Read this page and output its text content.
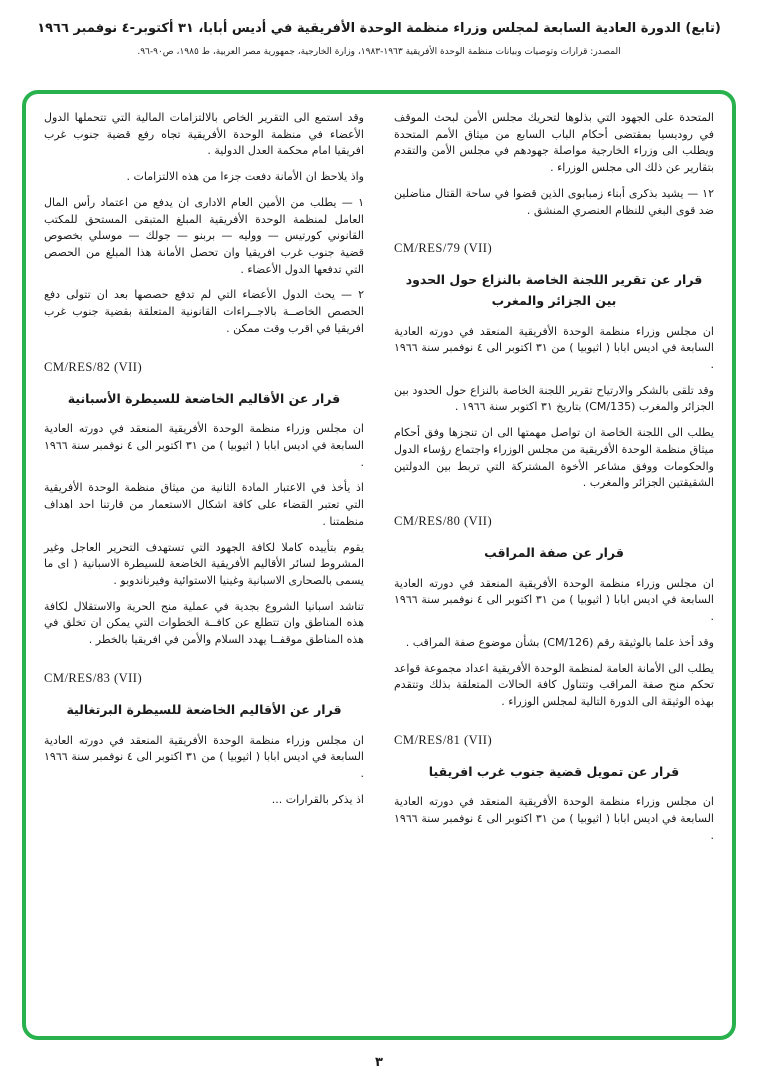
(تابع) الدورة العادية السابعة لمجلس وزراء منظمة الوحدة الأفريقية في أديس أبابا، ٣١ أكتوبر-٤ نوفمبر ١٩٦٦
المصدر: قرارات وتوصيات وبيانات منظمة الوحدة الأفريقية ١٩٦٣-١٩٨٣، وزارة الخارجية، جمهورية مصر العربية، ط ١٩٨٥، ص٩٠-٩٦.
المتحدة على الجهود التي بذلوها لتحريك مجلس الأمن لبحث الموقف في روديسيا بمقتضى أحكام الباب السابع من ميثاق الأمم المتحدة ويطلب الى وزراء الخارجية مواصلة جهودهم في مجلس الأمن والتقدم بتقارير عن ذلك الى مجلس الوزراء .
١٢ — يشيد بذكرى أبناء زمبابوى الذين قضوا في ساحة القتال مناضلين ضد قوى البغي للنظام العنصري المنشق .
CM/RES/79 (VII)
قرار عن تقرير اللجنة الخاصة بالنزاع حول الحدود بين الجزائر والمغرب
ان مجلس وزراء منظمة الوحدة الأفريقية المنعقد في دورته العادية السابعة في اديس ابابا ( اثيوبيا ) من ٣١ اكتوبر الى ٤ نوفمبر سنة ١٩٦٦ .
وقد تلقى بالشكر والارتياح تقرير اللجنة الخاصة بالنزاع حول الحدود بين الجزائر والمغرب (CM/135) بتاريخ ٣١ اكتوبر سنة ١٩٦٦ .
يطلب الى اللجنة الخاصة ان تواصل مهمتها الى ان تنجزها وفق أحكام ميثاق منظمة الوحدة الأفريقية من مجلس الوزراء واجتماع رؤساء الدول والحكومات ووفق مشاعر الأخوة المشتركة التي تربط بين الدولتين الشقيقتين الجزائر والمغرب .
CM/RES/80 (VII)
قرار عن صفة المراقب
ان مجلس وزراء منظمة الوحدة الأفريقية المنعقد في دورته العادية السابعة في اديس ابابا ( اثيوبيا ) من ٣١ اكتوبر الى ٤ نوفمبر سنة ١٩٦٦ .
وقد أخذ علما بالوثيقة رقم (CM/126) بشأن موضوع صفة المراقب .
يطلب الى الأمانة العامة لمنظمة الوحدة الأفريقية اعداد مجموعة قواعد تحكم منح صفة المراقب وتتناول كافة الحالات المتعلقة بذلك وتتقدم بهذه الوثيقة الى الدورة التالية لمجلس الوزراء .
CM/RES/81 (VII)
قرار عن تمويل قضية جنوب غرب افريقيا
ان مجلس وزراء منظمة الوحدة الأفريقية المنعقد في دورته العادية السابعة في اديس ابابا ( اثيوبيا ) من ٣١ اكتوبر الى ٤ نوفمبر سنة ١٩٦٦ .
وقد استمع الى التقرير الخاص بالالتزامات المالية التي تتحملها الدول الأعضاء في منظمة الوحدة الأفريقية تجاه رفع قضية جنوب غرب افريقيا امام محكمة العدل الدولية .
واذ يلاحظ ان الأمانة دفعت جزءا من هذه الالتزامات .
١ — يطلب من الأمين العام الادارى ان يدفع من اعتماد رأس المال العامل لمنظمة الوحدة الأفريقية المبلغ المتبقى المستحق للمكتب القانوني كورتيس — ووليه — بربنو — جولك — موسلي بخصوص قضية جنوب غرب افريقيا وان تحصل الأمانة هذا المبلغ من الحصص التي تدفعها الدول الأعضاء .
٢ — يحث الدول الأعضاء التي لم تدفع حصصها بعد ان تتولى دفع الحصص الخاصــة بالاجــراءات القانونية المتعلقة بقضية جنوب غرب افريقيا في اقرب وقت ممكن .
CM/RES/82 (VII)
قرار عن الأقاليم الخاضعة للسيطرة الأسبانية
ان مجلس وزراء منظمة الوحدة الأفريقية المنعقد في دورته العادية السابعة في اديس ابابا ( اثيوبيا ) من ٣١ اكتوبر الى ٤ نوفمبر سنة ١٩٦٦ .
اذ يأخذ في الاعتبار المادة الثانية من ميثاق منظمة الوحدة الأفريقية التي تعتبر القضاء على كافة اشكال الاستعمار من قارتنا احد اهداف منظمتنا .
يقوم بتأييده كاملا لكافة الجهود التي تستهدف التحرير العاجل وغير المشروط لسائر الأقاليم الأفريقية الخاضعة للسيطرة الاسبانية ( اى ما يسمى بالصحارى الاسبانية وغينيا الاستوائية وفيرناندوبو .
تناشد اسبانيا الشروع بجدية في عملية منح الحرية والاستقلال لكافة هذه المناطق وان تتطلع عن كافــة الخطوات التي يمكن ان تخلق في هذه المناطق موقفــا يهدد السلام والأمن في افريقيا بالخطر .
CM/RES/83 (VII)
قرار عن الأقاليم الخاضعة للسيطرة البرتغالية
ان مجلس وزراء منظمة الوحدة الأفريقية المنعقد في دورته العادية السابعة في اديس ابابا ( اثيوبيا ) من ٣١ اكتوبر الى ٤ نوفمبر سنة ١٩٦٦ .
اذ يذكر بالقرارات ...
٣
